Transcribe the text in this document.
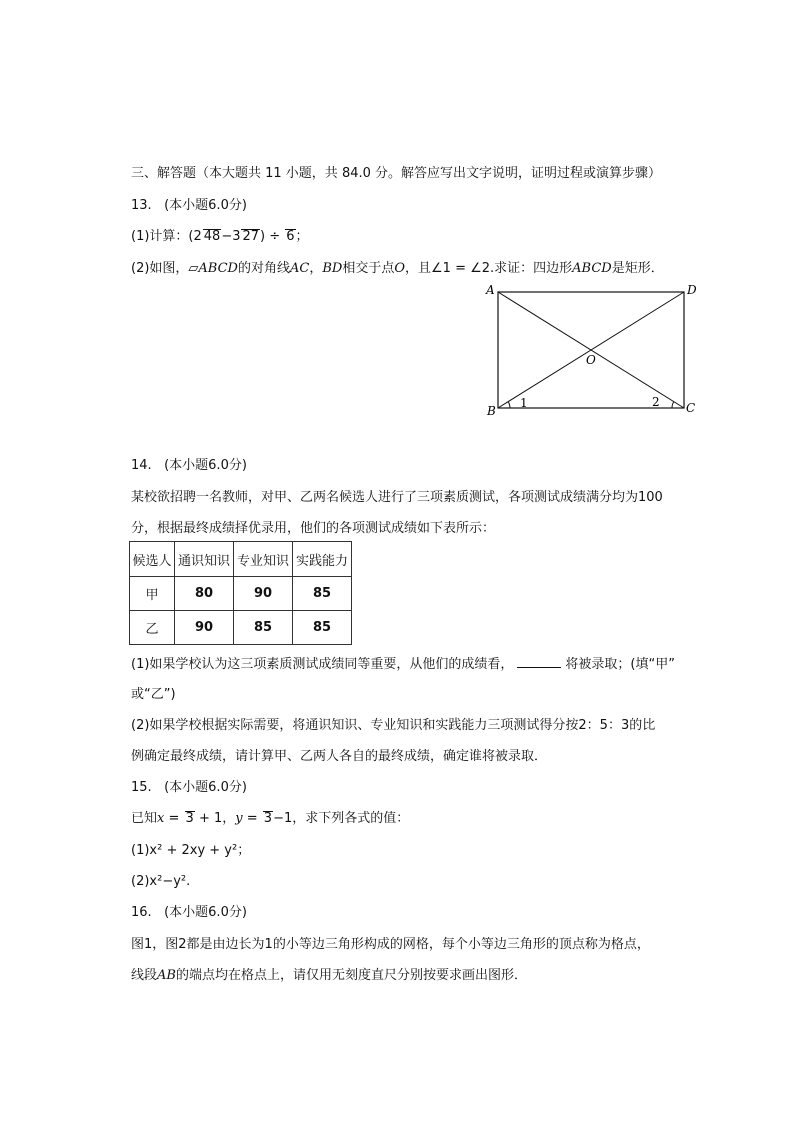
三、解答题（本大题共 11 小题，共 84.0 分。解答应写出文字说明，证明过程或演算步骤）
13. (本小题6.0分)
(1)计算：(2 48−3 27) ÷ 6；
(2)如图，▱ABCD的对角线AC，BD相交于点O，且∠1 = ∠2.求证：四边形ABCD是矩形．
A
B	C
D
O
1	2
14. (本小题6.0分)
某校欲招聘一名教师，对甲、乙两名候选人进行了三项素质测试，各项测试成绩满分均为100
分，根据最终成绩择优录用，他们的各项测试成绩如下表所示：
候选人	通识知识	专业知识	实践能力
甲	80	90	85
乙	90	85	85
(1)如果学校认为这三项素质测试成绩同等重要，从他们的成绩看，	将被录取；(填“甲”
或“乙”)
(2)如果学校根据实际需要，将通识知识、专业知识和实践能力三项测试得分按2：5：3的比
例确定最终成绩，请计算甲、乙两人各自的最终成绩，确定谁将被录取．
15. (本小题6.0分)
已知x = 3 + 1，y = 3−1，求下列各式的值：
(1)x² + 2xy + y²；
(2)x²−y².
16. (本小题6.0分)
图1，图2都是由边长为1的小等边三角形构成的网格，每个小等边三角形的顶点称为格点，
线段AB的端点均在格点上，请仅用无刻度直尺分别按要求画出图形．
